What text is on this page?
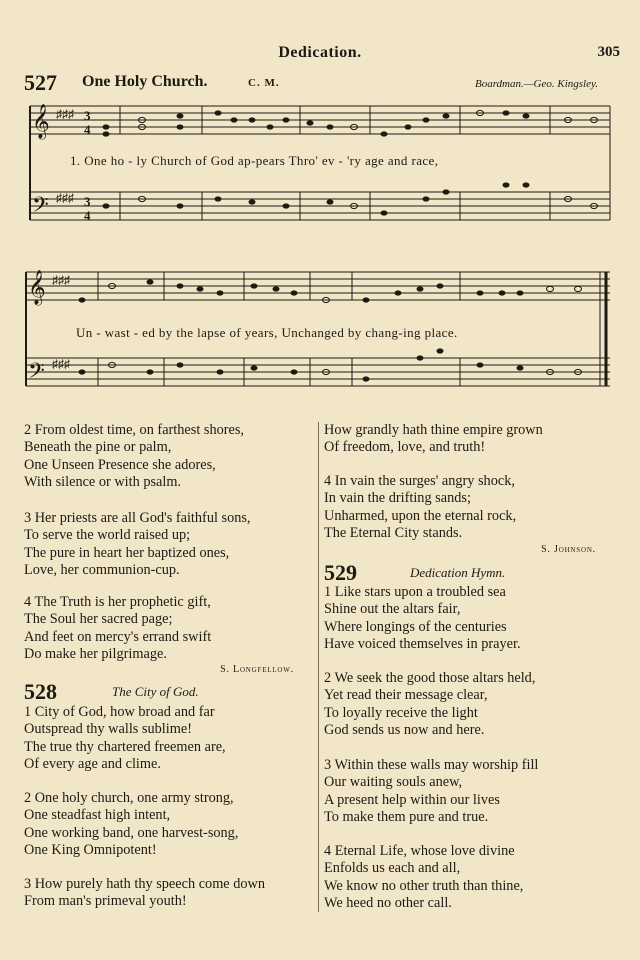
Dedication.	305
527 One Holy Church.	C. M.	Boardman.—Geo. Kingsley.
𝄞
𝄢
♯♯♯
♯♯♯
3
4
3
4
1. One ho - ly Church of God ap-pears Thro' ev - 'ry age and race,
𝄞
𝄢
♯♯♯
♯♯♯
Un - wast - ed by the lapse of years, Unchanged by chang-ing place.
2 From oldest time, on farthest shores,
Beneath the pine or palm,
One Unseen Presence she adores,
With silence or with psalm.
3 Her priests are all God's faithful sons,
To serve the world raised up;
The pure in heart her baptized ones,
Love, her communion-cup.
4 The Truth is her prophetic gift,
The Soul her sacred page;
And feet on mercy's errand swift
Do make her pilgrimage.
S. Longfellow.
528	The City of God.
1 City of God, how broad and far
Outspread thy walls sublime!
The true thy chartered freemen are,
Of every age and clime.
2 One holy church, one army strong,
One steadfast high intent,
One working band, one harvest-song,
One King Omnipotent!
3 How purely hath thy speech come down
From man's primeval youth!
How grandly hath thine empire grown
Of freedom, love, and truth!
4 In vain the surges' angry shock,
In vain the drifting sands;
Unharmed, upon the eternal rock,
The Eternal City stands.
S. Johnson.
529	Dedication Hymn.
1 Like stars upon a troubled sea
Shine out the altars fair,
Where longings of the centuries
Have voiced themselves in prayer.
2 We seek the good those altars held,
Yet read their message clear,
To loyally receive the light
God sends us now and here.
3 Within these walls may worship fill
Our waiting souls anew,
A present help within our lives
To make them pure and true.
4 Eternal Life, whose love divine
Enfolds us each and all,
We know no other truth than thine,
We heed no other call.
